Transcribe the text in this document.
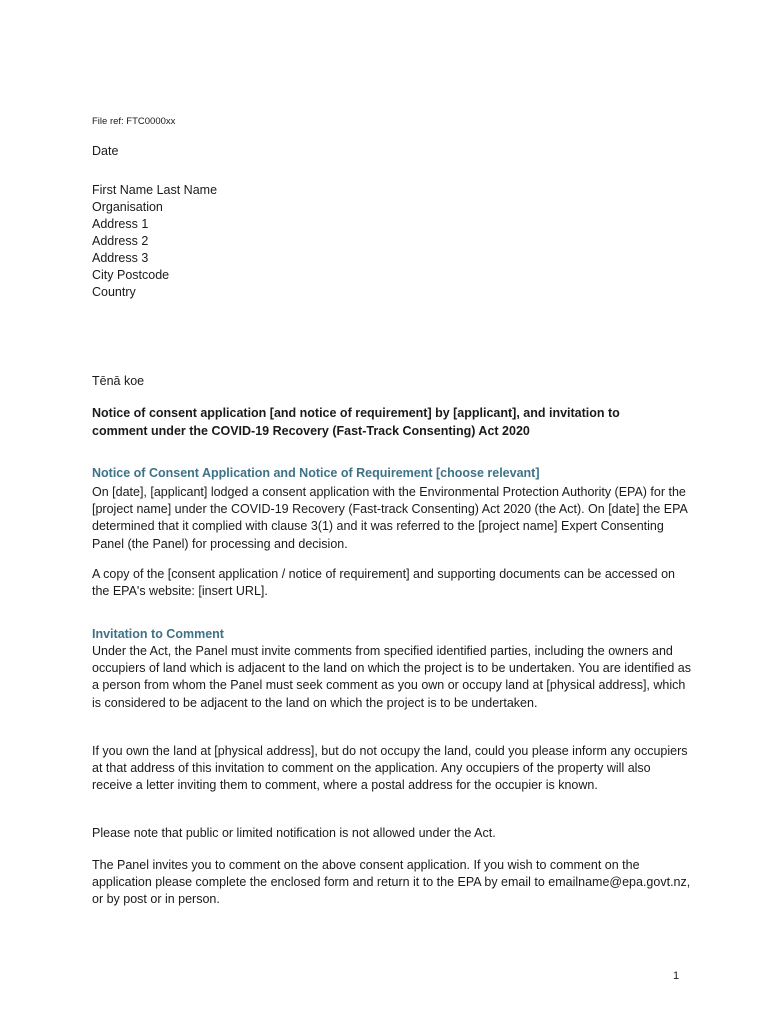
File ref: FTC0000xx
Date
First Name Last Name
Organisation
Address 1
Address 2
Address 3
City Postcode
Country
Tēnā koe
Notice of consent application [and notice of requirement] by [applicant], and invitation to comment under the COVID-19 Recovery (Fast-Track Consenting) Act 2020
Notice of Consent Application and Notice of Requirement [choose relevant]
On [date], [applicant] lodged a consent application with the Environmental Protection Authority (EPA) for the [project name] under the COVID-19 Recovery (Fast-track Consenting) Act 2020 (the Act). On [date] the EPA determined that it complied with clause 3(1) and it was referred to the [project name] Expert Consenting Panel (the Panel) for processing and decision.
A copy of the [consent application / notice of requirement] and supporting documents can be accessed on the EPA's website: [insert URL].
Invitation to Comment
Under the Act, the Panel must invite comments from specified identified parties, including the owners and occupiers of land which is adjacent to the land on which the project is to be undertaken. You are identified as a person from whom the Panel must seek comment as you own or occupy land at [physical address], which is considered to be adjacent to the land on which the project is to be undertaken.
If you own the land at [physical address], but do not occupy the land, could you please inform any occupiers at that address of this invitation to comment on the application. Any occupiers of the property will also receive a letter inviting them to comment, where a postal address for the occupier is known.
Please note that public or limited notification is not allowed under the Act.
The Panel invites you to comment on the above consent application. If you wish to comment on the application please complete the enclosed form and return it to the EPA by email to emailname@epa.govt.nz, or by post or in person.
1
